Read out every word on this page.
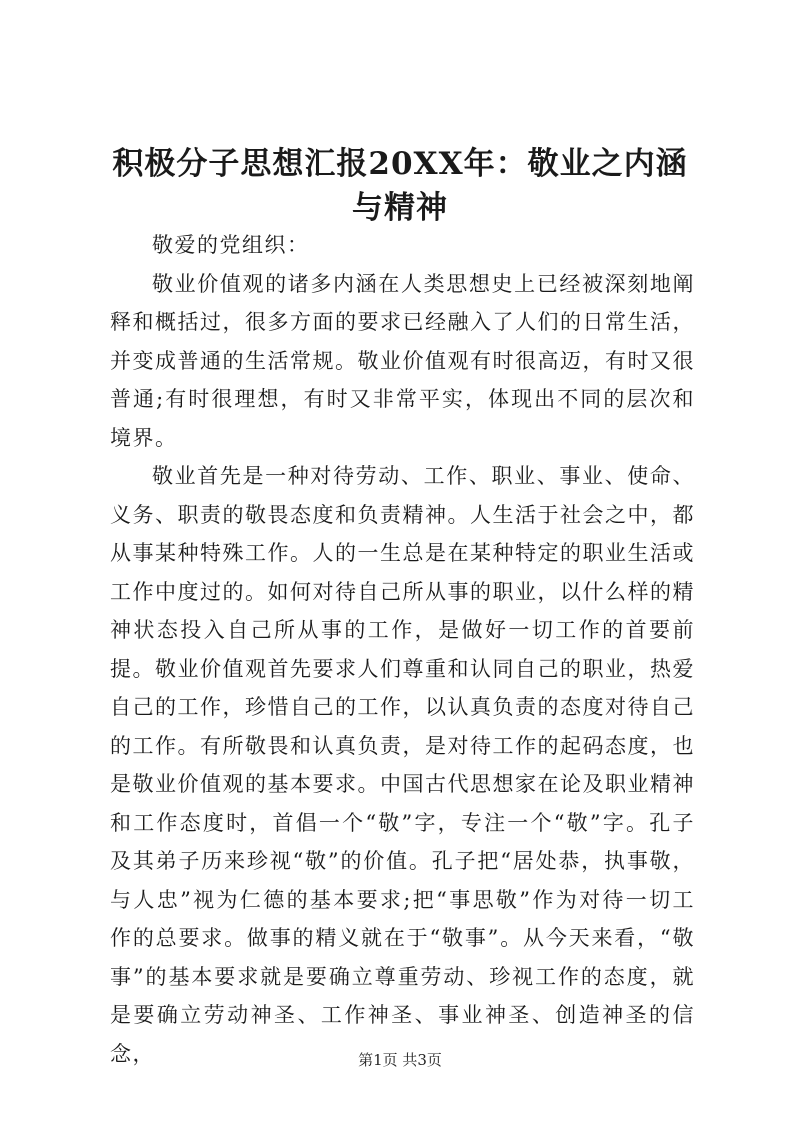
积极分子思想汇报20XX年：敬业之内涵与精神

敬爱的党组织：

敬业价值观的诸多内涵在人类思想史上已经被深刻地阐释和概括过，很多方面的要求已经融入了人们的日常生活，并变成普通的生活常规。敬业价值观有时很高迈，有时又很普通;有时很理想，有时又非常平实，体现出不同的层次和境界。

敬业首先是一种对待劳动、工作、职业、事业、使命、义务、职责的敬畏态度和负责精神。人生活于社会之中，都从事某种特殊工作。人的一生总是在某种特定的职业生活或工作中度过的。如何对待自己所从事的职业，以什么样的精神状态投入自己所从事的工作，是做好一切工作的首要前提。敬业价值观首先要求人们尊重和认同自己的职业，热爱自己的工作，珍惜自己的工作，以认真负责的态度对待自己的工作。有所敬畏和认真负责，是对待工作的起码态度，也是敬业价值观的基本要求。中国古代思想家在论及职业精神和工作态度时，首倡一个“敬”字，专注一个“敬”字。孔子及其弟子历来珍视“敬”的价值。孔子把“居处恭，执事敬，与人忠”视为仁德的基本要求;把“事思敬”作为对待一切工作的总要求。做事的精义就在于“敬事”。从今天来看，“敬事”的基本要求就是要确立尊重劳动、珍视工作的态度，就是要确立劳动神圣、工作神圣、事业神圣、创造神圣的信念，	第1页 共3页
